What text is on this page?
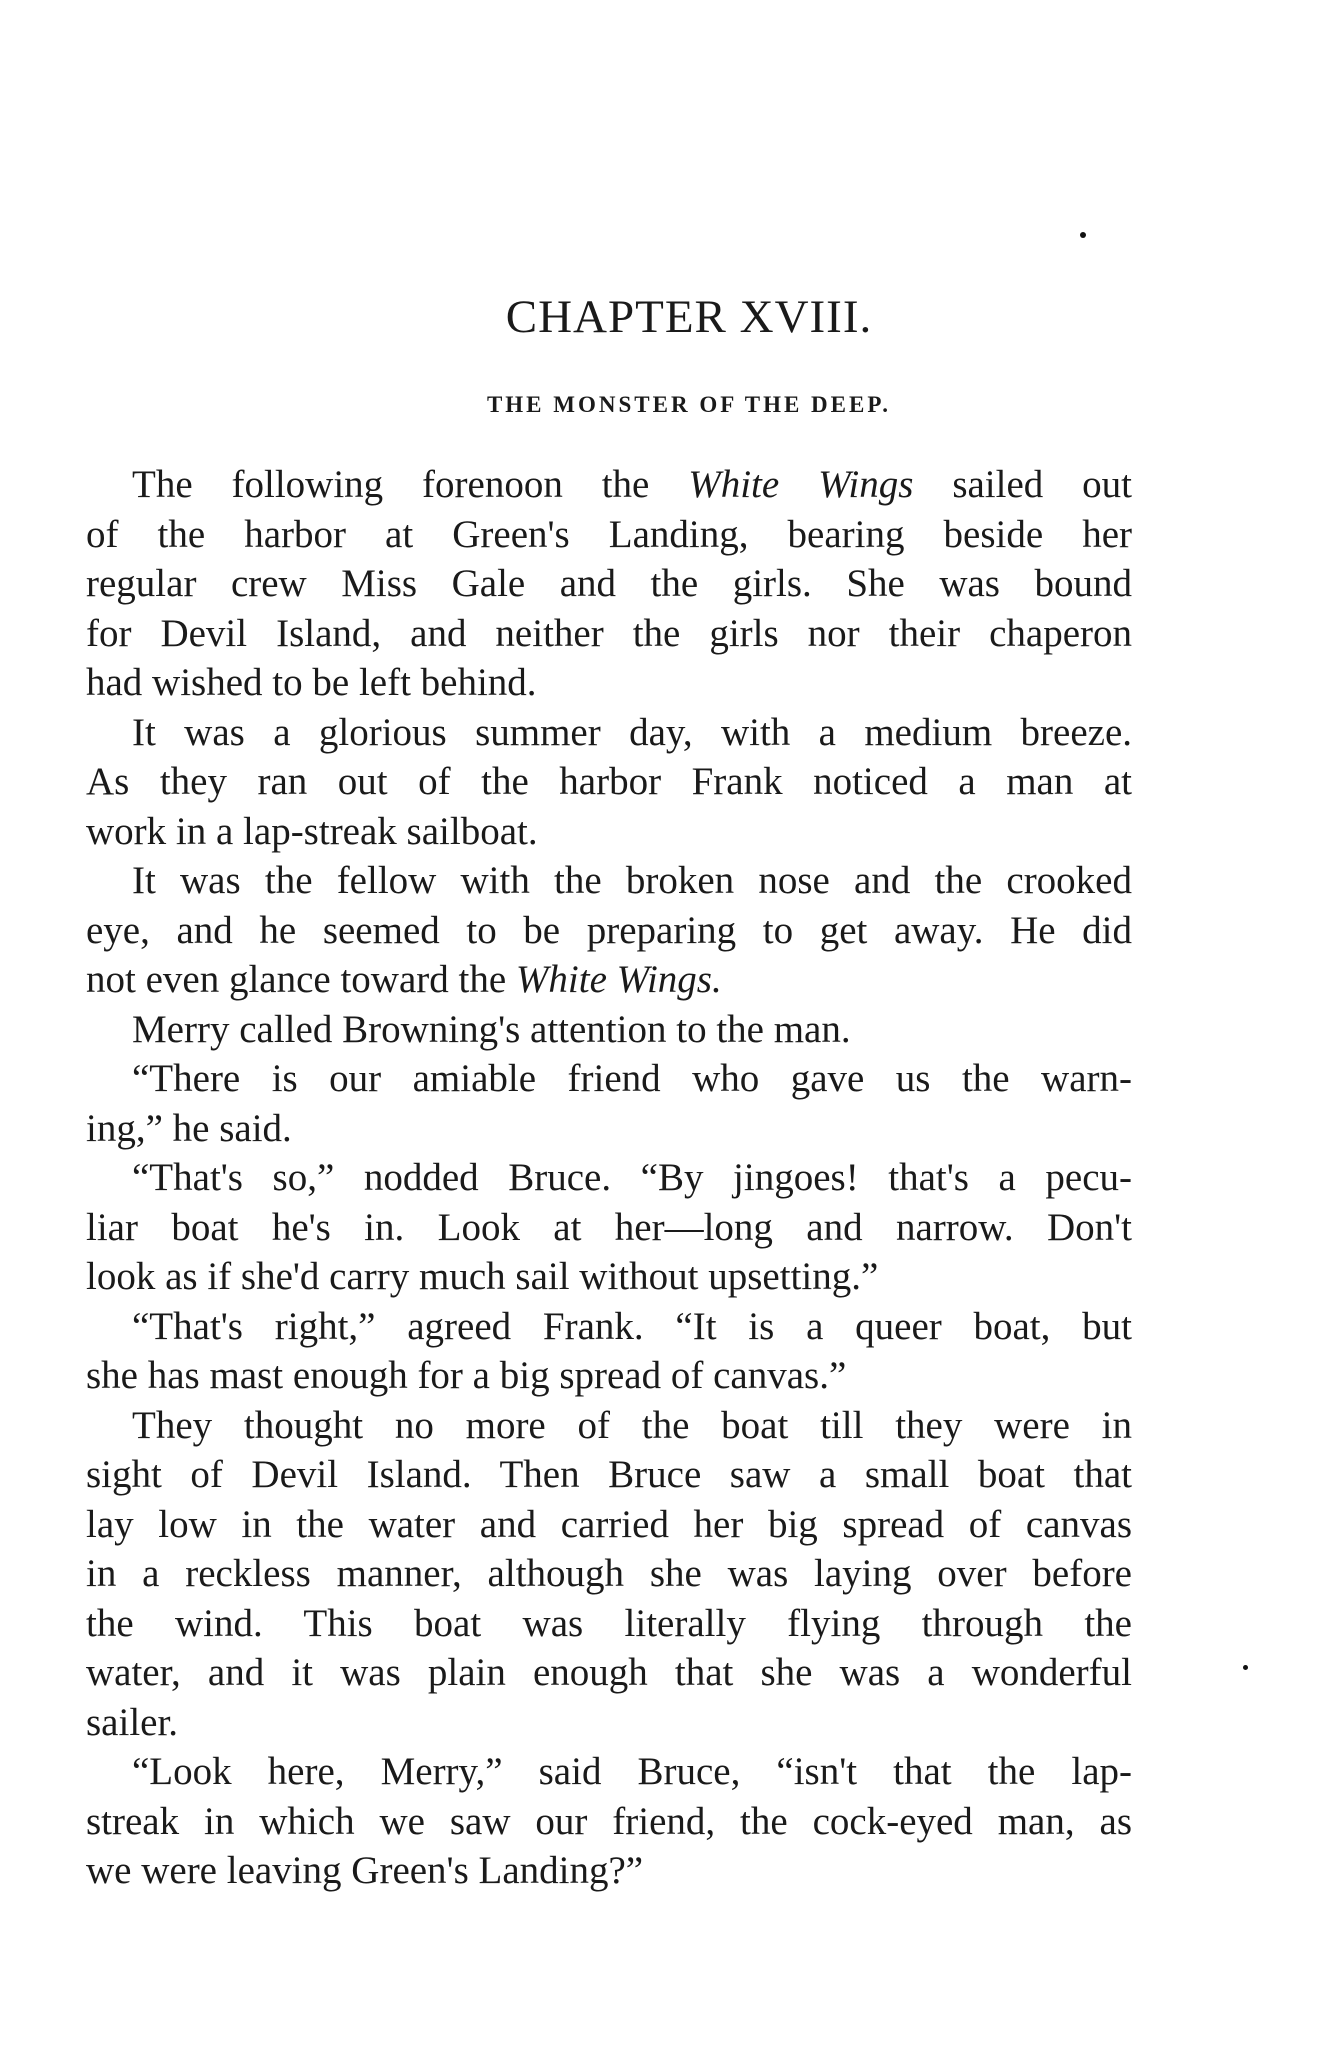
CHAPTER XVIII.
THE MONSTER OF THE DEEP.
The following forenoon the White Wings sailed out
of the harbor at Green's Landing, bearing beside her
regular crew Miss Gale and the girls. She was bound
for Devil Island, and neither the girls nor their chaperon
had wished to be left behind.
It was a glorious summer day, with a medium breeze.
As they ran out of the harbor Frank noticed a man at
work in a lap-streak sailboat.
It was the fellow with the broken nose and the crooked
eye, and he seemed to be preparing to get away. He did
not even glance toward the White Wings.
Merry called Browning's attention to the man.
“There is our amiable friend who gave us the warn-
ing,” he said.
“That's so,” nodded Bruce. “By jingoes! that's a pecu-
liar boat he's in. Look at her—long and narrow. Don't
look as if she'd carry much sail without upsetting.”
“That's right,” agreed Frank. “It is a queer boat, but
she has mast enough for a big spread of canvas.”
They thought no more of the boat till they were in
sight of Devil Island. Then Bruce saw a small boat that
lay low in the water and carried her big spread of canvas
in a reckless manner, although she was laying over before
the wind. This boat was literally flying through the
water, and it was plain enough that she was a wonderful
sailer.
“Look here, Merry,” said Bruce, “isn't that the lap-
streak in which we saw our friend, the cock-eyed man, as
we were leaving Green's Landing?”
